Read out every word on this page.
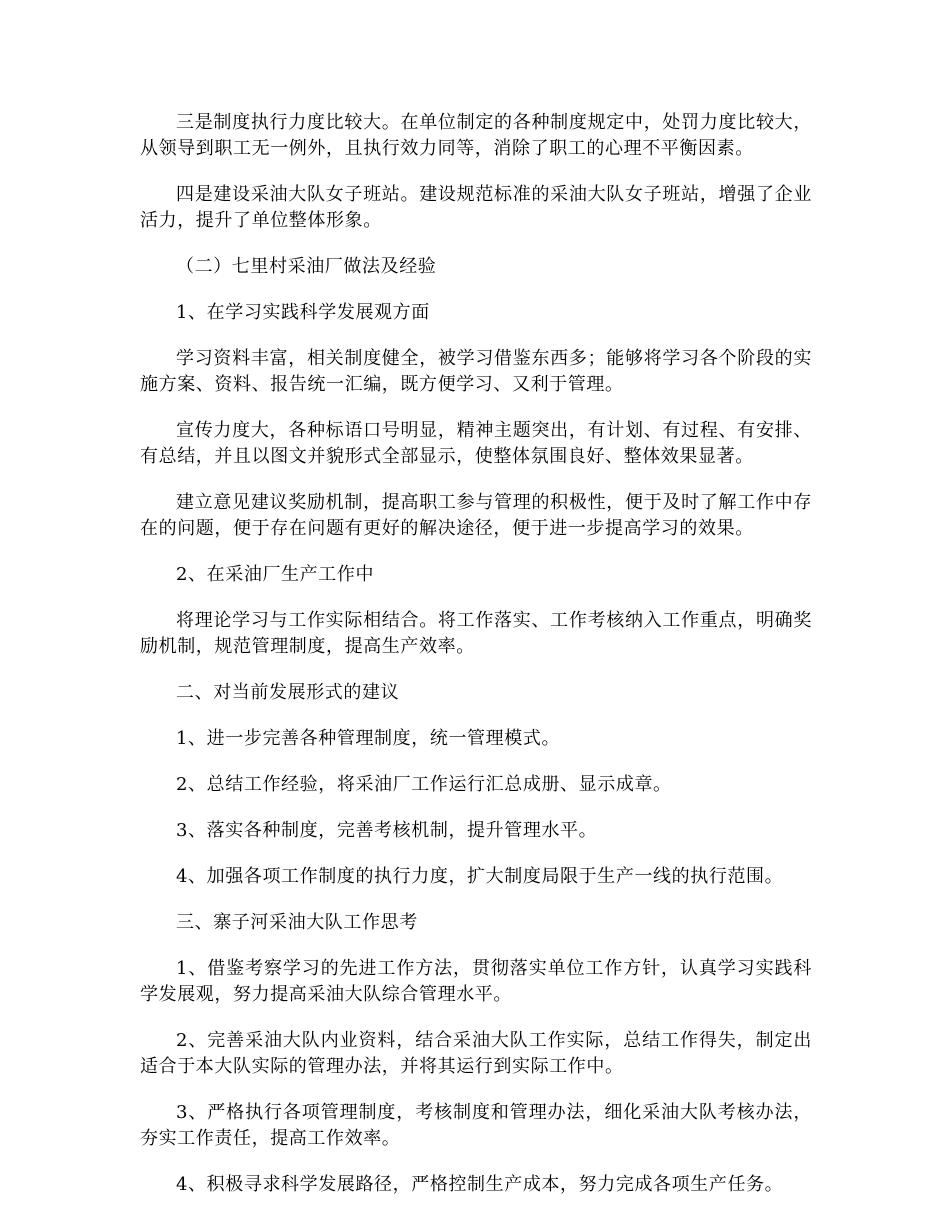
三是制度执行力度比较大。在单位制定的各种制度规定中，处罚力度比较大，从领导到职工无一例外，且执行效力同等，消除了职工的心理不平衡因素。

四是建设采油大队女子班站。建设规范标准的采油大队女子班站，增强了企业活力，提升了单位整体形象。

（二）七里村采油厂做法及经验

1、在学习实践科学发展观方面

学习资料丰富，相关制度健全，被学习借鉴东西多；能够将学习各个阶段的实施方案、资料、报告统一汇编，既方便学习、又利于管理。

宣传力度大，各种标语口号明显，精神主题突出，有计划、有过程、有安排、有总结，并且以图文并貌形式全部显示，使整体氛围良好、整体效果显著。

建立意见建议奖励机制，提高职工参与管理的积极性，便于及时了解工作中存在的问题，便于存在问题有更好的解决途径，便于进一步提高学习的效果。

2、在采油厂生产工作中

将理论学习与工作实际相结合。将工作落实、工作考核纳入工作重点，明确奖励机制，规范管理制度，提高生产效率。

二、对当前发展形式的建议

1、进一步完善各种管理制度，统一管理模式。

2、总结工作经验，将采油厂工作运行汇总成册、显示成章。

3、落实各种制度，完善考核机制，提升管理水平。

4、加强各项工作制度的执行力度，扩大制度局限于生产一线的执行范围。

三、寨子河采油大队工作思考

1、借鉴考察学习的先进工作方法，贯彻落实单位工作方针，认真学习实践科学发展观，努力提高采油大队综合管理水平。

2、完善采油大队内业资料，结合采油大队工作实际，总结工作得失，制定出适合于本大队实际的管理办法，并将其运行到实际工作中。

3、严格执行各项管理制度，考核制度和管理办法，细化采油大队考核办法，夯实工作责任，提高工作效率。

4、积极寻求科学发展路径，严格控制生产成本，努力完成各项生产任务。
